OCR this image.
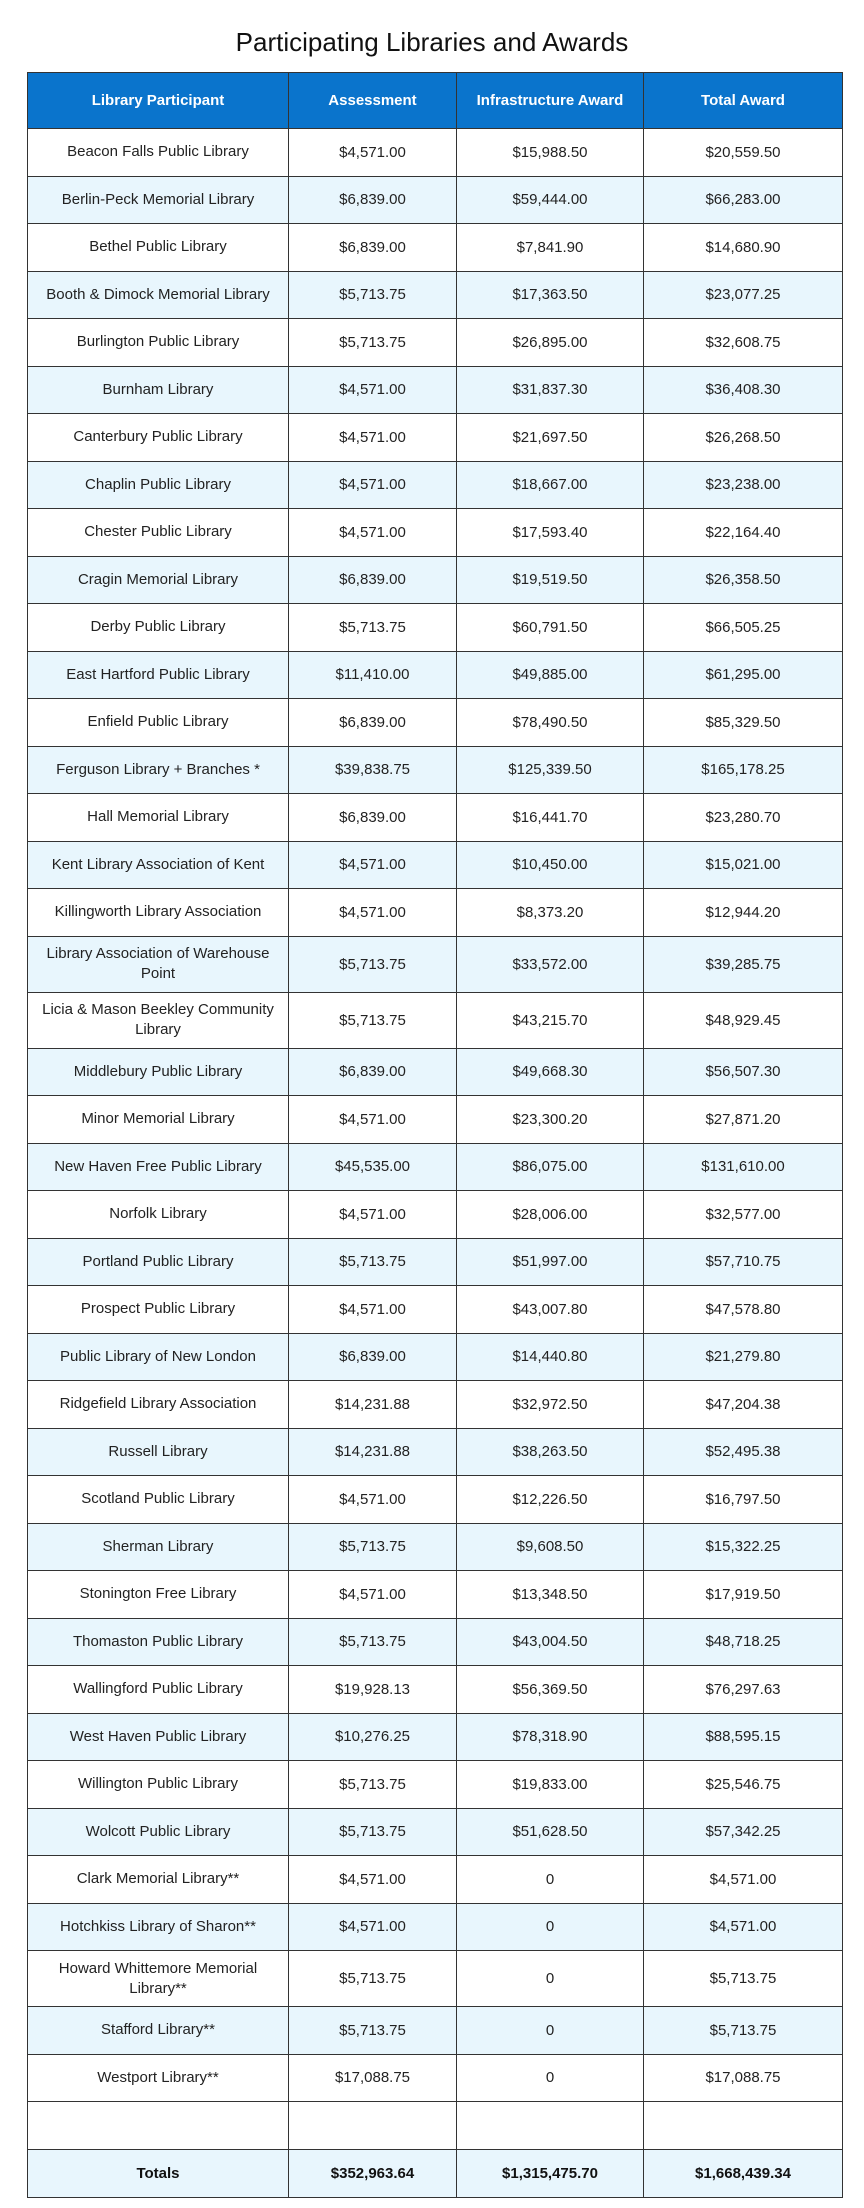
Participating Libraries and Awards
Library Participant	Assessment	Infrastructure Award	Total Award
Beacon Falls Public Library	$4,571.00	$15,988.50	$20,559.50
Berlin-Peck Memorial Library	$6,839.00	$59,444.00	$66,283.00
Bethel Public Library	$6,839.00	$7,841.90	$14,680.90
Booth & Dimock Memorial Library	$5,713.75	$17,363.50	$23,077.25
Burlington Public Library	$5,713.75	$26,895.00	$32,608.75
Burnham Library	$4,571.00	$31,837.30	$36,408.30
Canterbury Public Library	$4,571.00	$21,697.50	$26,268.50
Chaplin Public Library	$4,571.00	$18,667.00	$23,238.00
Chester Public Library	$4,571.00	$17,593.40	$22,164.40
Cragin Memorial Library	$6,839.00	$19,519.50	$26,358.50
Derby Public Library	$5,713.75	$60,791.50	$66,505.25
East Hartford Public Library	$11,410.00	$49,885.00	$61,295.00
Enfield Public Library	$6,839.00	$78,490.50	$85,329.50
Ferguson Library + Branches *	$39,838.75	$125,339.50	$165,178.25
Hall Memorial Library	$6,839.00	$16,441.70	$23,280.70
Kent Library Association of Kent	$4,571.00	$10,450.00	$15,021.00
Killingworth Library Association	$4,571.00	$8,373.20	$12,944.20
Library Association of Warehouse Point	$5,713.75	$33,572.00	$39,285.75
Licia & Mason Beekley Community Library	$5,713.75	$43,215.70	$48,929.45
Middlebury Public Library	$6,839.00	$49,668.30	$56,507.30
Minor Memorial Library	$4,571.00	$23,300.20	$27,871.20
New Haven Free Public Library	$45,535.00	$86,075.00	$131,610.00
Norfolk Library	$4,571.00	$28,006.00	$32,577.00
Portland Public Library	$5,713.75	$51,997.00	$57,710.75
Prospect Public Library	$4,571.00	$43,007.80	$47,578.80
Public Library of New London	$6,839.00	$14,440.80	$21,279.80
Ridgefield Library Association	$14,231.88	$32,972.50	$47,204.38
Russell Library	$14,231.88	$38,263.50	$52,495.38
Scotland Public Library	$4,571.00	$12,226.50	$16,797.50
Sherman Library	$5,713.75	$9,608.50	$15,322.25
Stonington Free Library	$4,571.00	$13,348.50	$17,919.50
Thomaston Public Library	$5,713.75	$43,004.50	$48,718.25
Wallingford Public Library	$19,928.13	$56,369.50	$76,297.63
West Haven Public Library	$10,276.25	$78,318.90	$88,595.15
Willington Public Library	$5,713.75	$19,833.00	$25,546.75
Wolcott Public Library	$5,713.75	$51,628.50	$57,342.25
Clark Memorial Library**	$4,571.00	0	$4,571.00
Hotchkiss Library of Sharon**	$4,571.00	0	$4,571.00
Howard Whittemore Memorial Library**	$5,713.75	0	$5,713.75
Stafford Library**	$5,713.75	0	$5,713.75
Westport Library**	$17,088.75	0	$17,088.75

Totals	$352,963.64	$1,315,475.70	$1,668,439.34
